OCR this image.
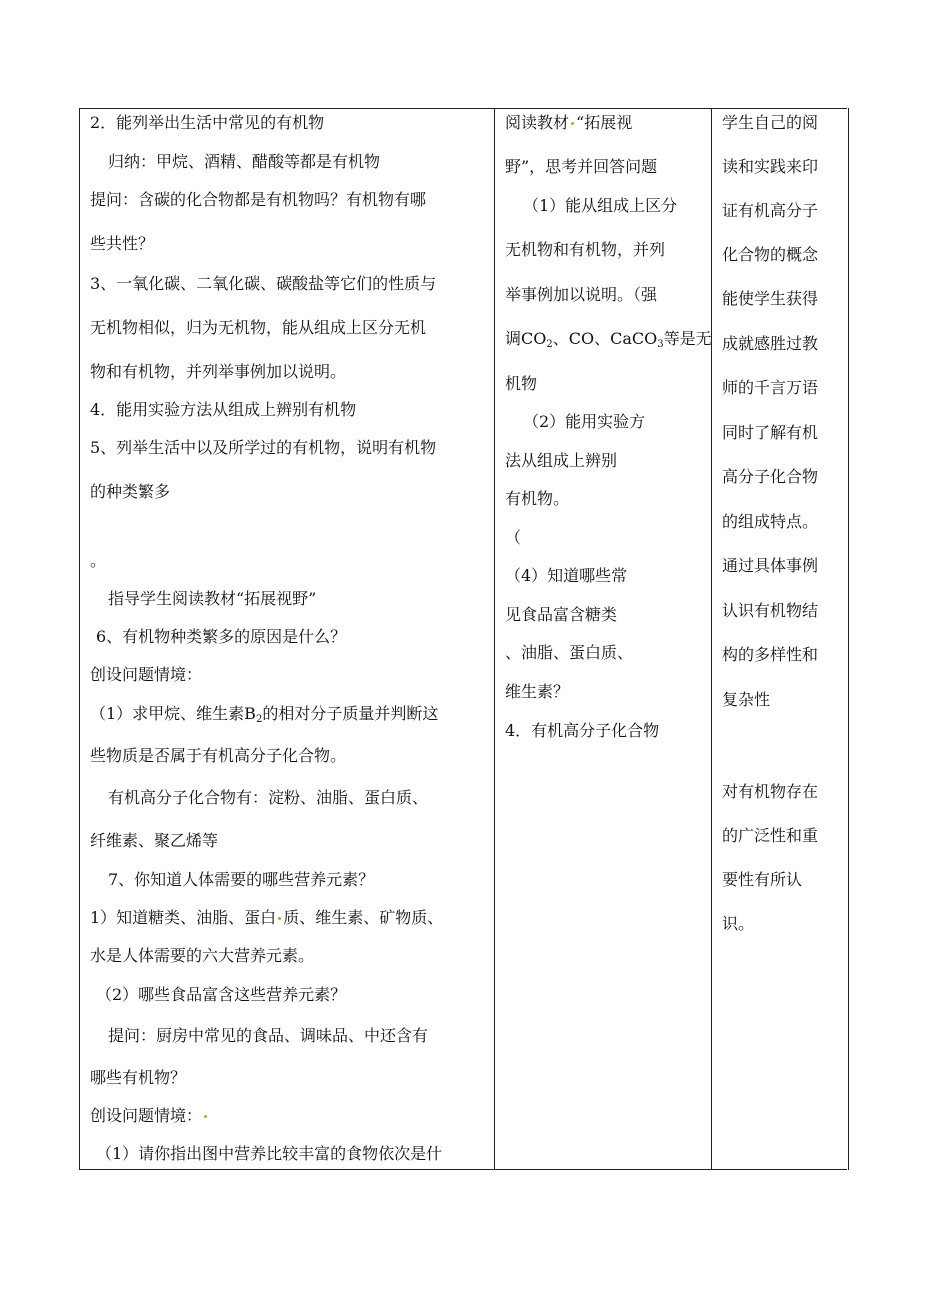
2．能列举出生活中常见的有机物
归纳：甲烷、酒精、醋酸等都是有机物
提问：含碳的化合物都是有机物吗？有机物有哪
些共性？
3、一氧化碳、二氧化碳、碳酸盐等它们的性质与
无机物相似，归为无机物，能从组成上区分无机
物和有机物，并列举事例加以说明。
4．能用实验方法从组成上辨别有机物
5、列举生活中以及所学过的有机物，说明有机物
的种类繁多
。
指导学生阅读教材“拓展视野”
6、有机物种类繁多的原因是什么？
创设问题情境：
（1）求甲烷、维生素$B_2$的相对分子质量并判断这
些物质是否属于有机高分子化合物。
有机高分子化合物有：淀粉、油脂、蛋白质、
纤维素、聚乙烯等
7、你知道人体需要的哪些营养元素？
1）知道糖类、油脂、蛋白 质、维生素、矿物质、
水是人体需要的六大营养元素。
（2）哪些食品富含这些营养元素？
提问：厨房中常见的食品、调味品、中还含有
哪些有机物？
创设问题情境：
（1）请你指出图中营养比较丰富的食物依次是什

阅读教材 “拓展视
野”，思考并回答问题
（1）能从组成上区分
无机物和有机物，并列
举事例加以说明。（强
调$CO_2$、CO、CaCO$_3$等是无
机物
（2）能用实验方
法从组成上辨别
有机物。
（
（4）知道哪些常
见食品富含糖类
、油脂、蛋白质、
维生素？
4．有机高分子化合物

学生自己的阅
读和实践来印
证有机高分子
化合物的概念
能使学生获得
成就感胜过教
师的千言万语
同时了解有机
高分子化合物
的组成特点。
通过具体事例
认识有机物结
构的多样性和
复杂性
对有机物存在
的广泛性和重
要性有所认
识。
